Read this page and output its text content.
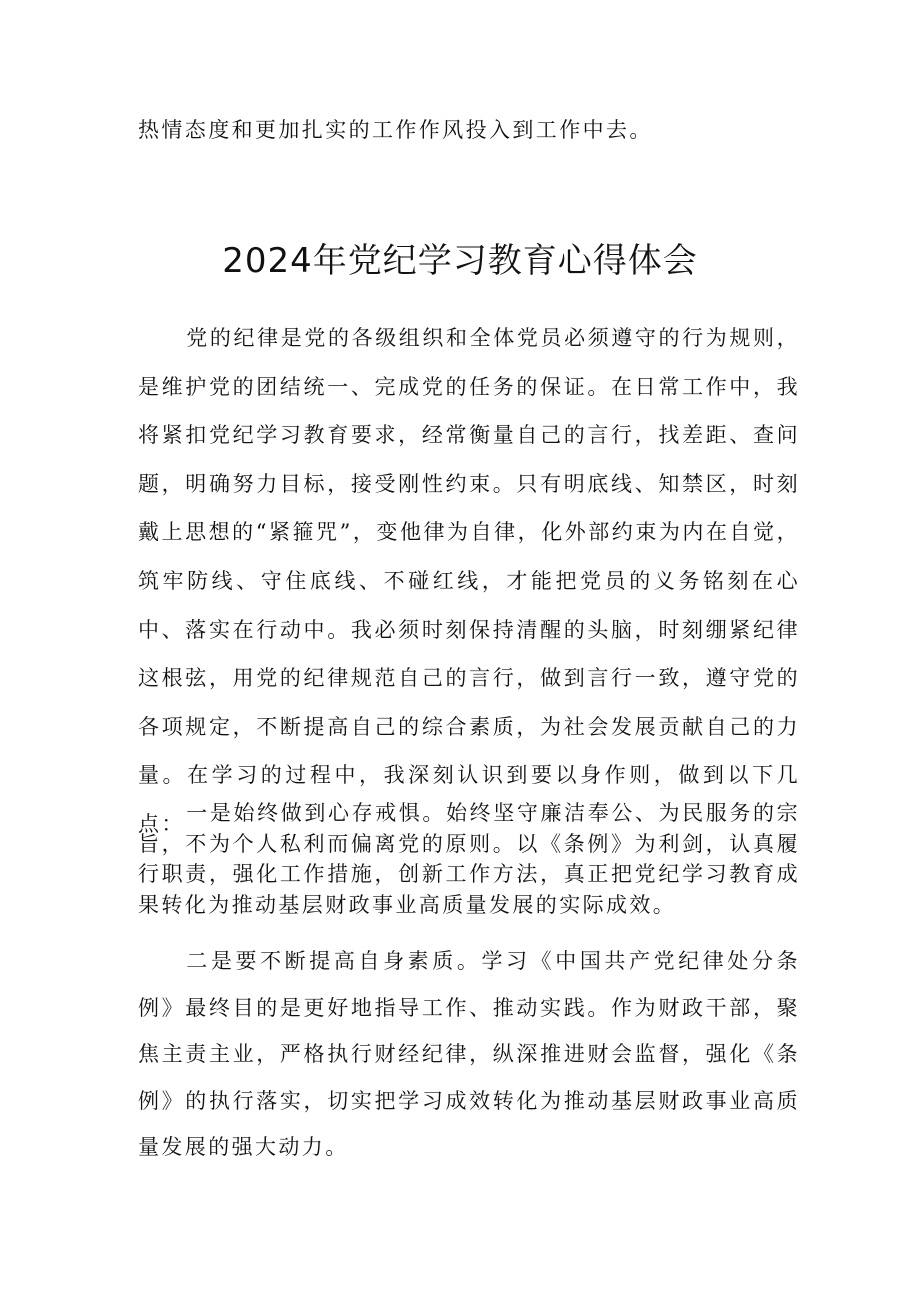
热情态度和更加扎实的工作作风投入到工作中去。
2024年党纪学习教育心得体会

党的纪律是党的各级组织和全体党员必须遵守的行为规则，是维护党的团结统一、完成党的任务的保证。在日常工作中，我将紧扣党纪学习教育要求，经常衡量自己的言行，找差距、查问题，明确努力目标，接受刚性约束。只有明底线、知禁区，时刻戴上思想的“紧箍咒”，变他律为自律，化外部约束为内在自觉，筑牢防线、守住底线、不碰红线，才能把党员的义务铭刻在心中、落实在行动中。我必须时刻保持清醒的头脑，时刻绷紧纪律这根弦，用党的纪律规范自己的言行，做到言行一致，遵守党的各项规定，不断提高自己的综合素质，为社会发展贡献自己的力量。在学习的过程中，我深刻认识到要以身作则，做到以下几点： 一是始终做到心存戒惧。始终坚守廉洁奉公、为民服务的宗旨，不为个人私利而偏离党的原则。以《条例》为利剑，认真履行职责，强化工作措施，创新工作方法，真正把党纪学习教育成果转化为推动基层财政事业高质量发展的实际成效。

二是要不断提高自身素质。学习《中国共产党纪律处分条例》最终目的是更好地指导工作、推动实践。作为财政干部，聚焦主责主业，严格执行财经纪律，纵深推进财会监督，强化《条例》的执行落实，切实把学习成效转化为推动基层财政事业高质量发展的强大动力。
